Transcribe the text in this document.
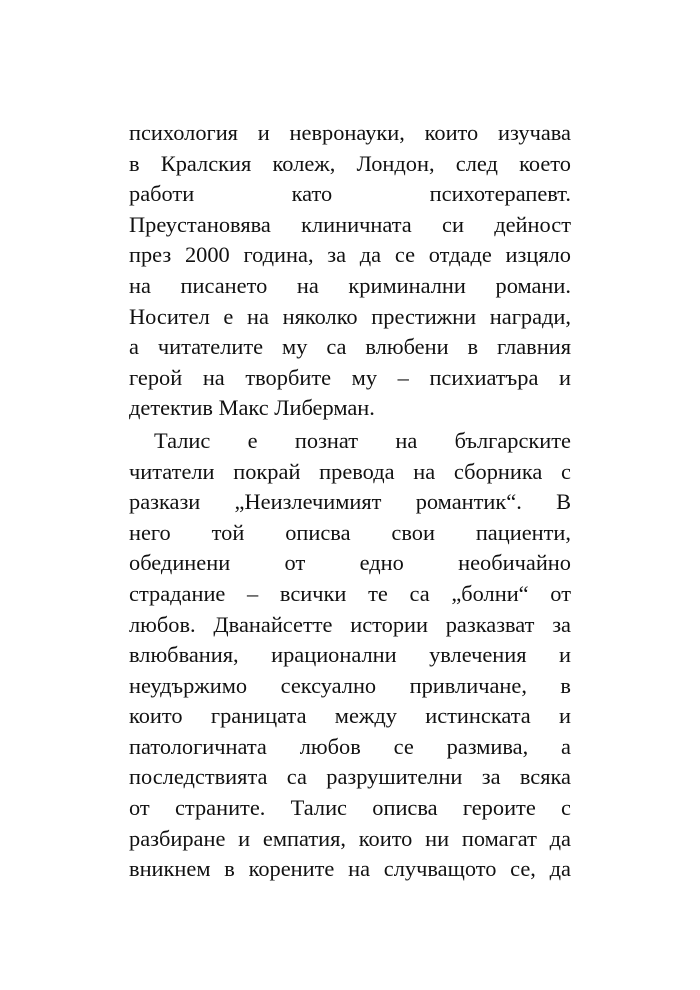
психология и невронауки, които изучава
в Кралския колеж, Лондон, след което
работи като психотерапевт.
Преустановява клиничната си дейност
през 2000 година, за да се отдаде изцяло
на писането на криминални романи.
Носител е на няколко престижни награди,
а читателите му са влюбени в главния
герой на творбите му – психиатъра и
детектив Макс Либерман.
Талис е познат на българските
читатели покрай превода на сборника с
разкази „Неизлечимият романтик“. В
него той описва свои пациенти,
обединени от едно необичайно
страдание – всички те са „болни“ от
любов. Дванайсетте истории разказват за
влюбвания, ирационални увлечения и
неудържимо сексуално привличане, в
които границата между истинската и
патологичната любов се размива, а
последствията са разрушителни за всяка
от страните. Талис описва героите с
разбиране и емпатия, които ни помагат да
вникнем в корените на случващото се, да
